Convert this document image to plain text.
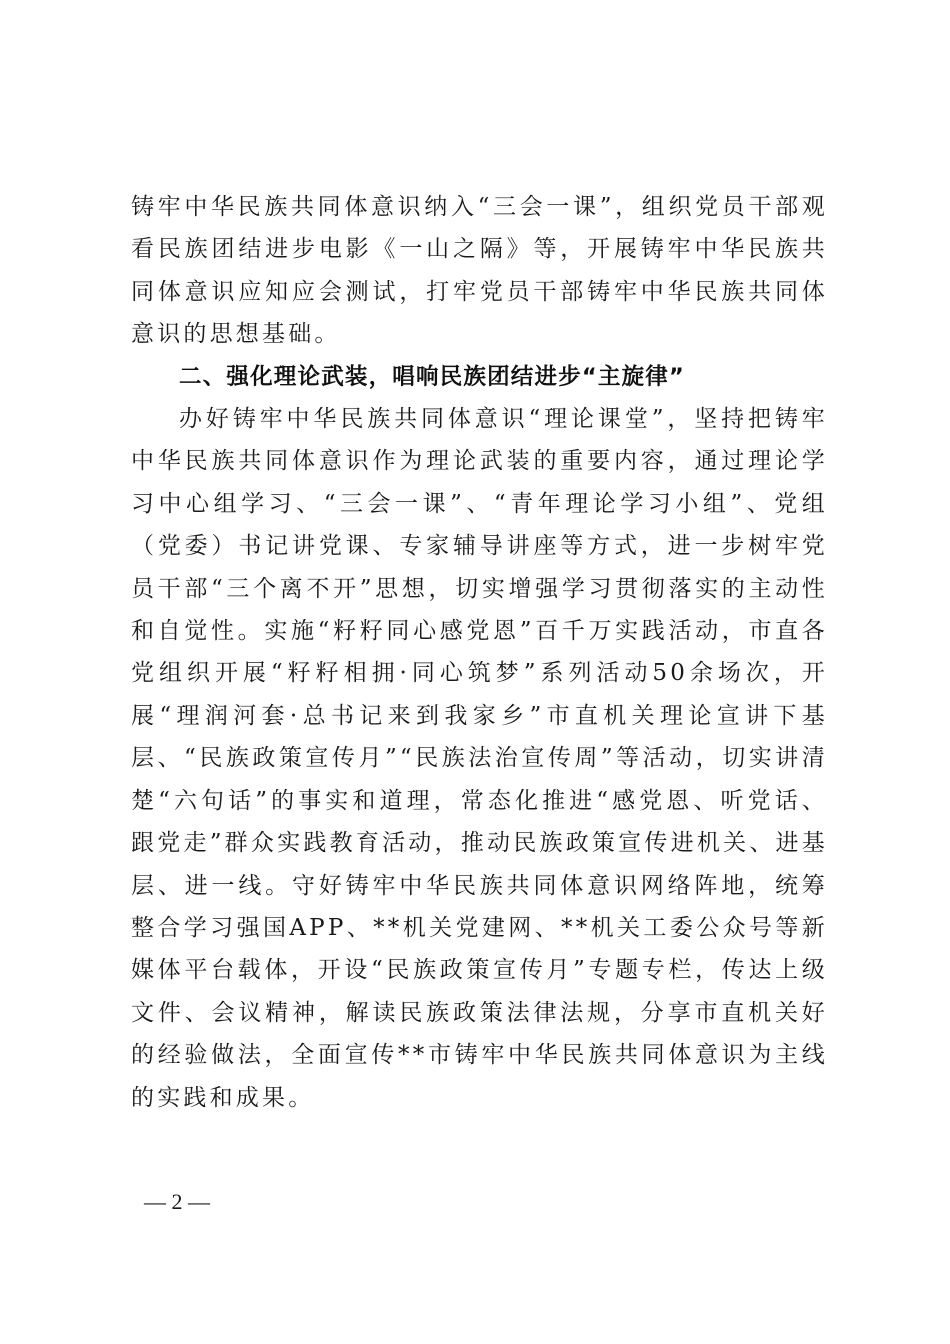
铸牢中华民族共同体意识纳入“三会一课”，组织党员干部观看民族团结进步电影《一山之隔》等，开展铸牢中华民族共同体意识应知应会测试，打牢党员干部铸牢中华民族共同体意识的思想基础。

二、强化理论武装，唱响民族团结进步“主旋律”

办好铸牢中华民族共同体意识“理论课堂”，坚持把铸牢中华民族共同体意识作为理论武装的重要内容，通过理论学习中心组学习、“三会一课”、“青年理论学习小组”、党组（党委）书记讲党课、专家辅导讲座等方式，进一步树牢党员干部“三个离不开”思想，切实增强学习贯彻落实的主动性和自觉性。实施“籽籽同心感党恩”百千万实践活动，市直各党组织开展“籽籽相拥·同心筑梦”系列活动50余场次，开展“理润河套·总书记来到我家乡”市直机关理论宣讲下基层、“民族政策宣传月”“民族法治宣传周”等活动，切实讲清楚“六句话”的事实和道理，常态化推进“感党恩、听党话、跟党走”群众实践教育活动，推动民族政策宣传进机关、进基层、进一线。守好铸牢中华民族共同体意识网络阵地，统筹整合学习强国APP、**机关党建网、**机关工委公众号等新媒体平台载体，开设“民族政策宣传月”专题专栏，传达上级文件、会议精神，解读民族政策法律法规，分享市直机关好的经验做法，全面宣传**市铸牢中华民族共同体意识为主线的实践和成果。

— 2 —
